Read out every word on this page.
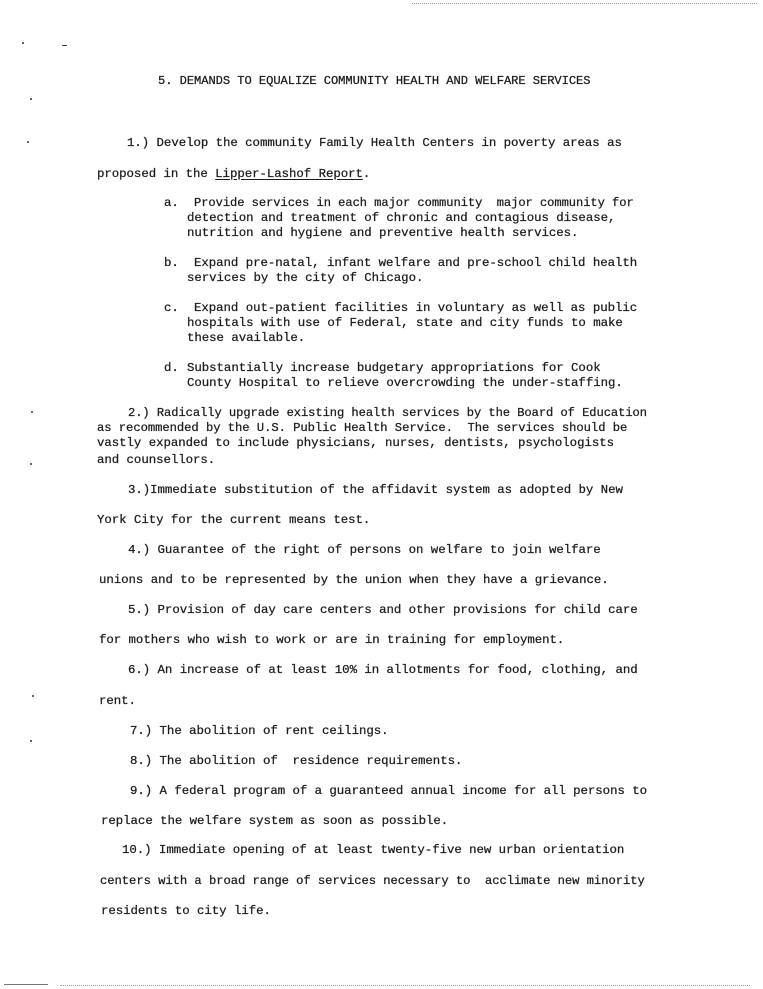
5. DEMANDS TO EQUALIZE COMMUNITY HEALTH AND WELFARE SERVICES
1.) Develop the community Family Health Centers in poverty areas as
proposed in the Lipper-Lashof Report.
a. Provide services in each major community  major community for
detection and treatment of chronic and contagious disease,
nutrition and hygiene and preventive health services.
b. Expand pre-natal, infant welfare and pre-school child health
services by the city of Chicago.
c. Expand out-patient facilities in voluntary as well as public
hospitals with use of Federal, state and city funds to make
these available.
d. Substantially increase budgetary appropriations for Cook
County Hospital to relieve overcrowding the under-staffing.
2.) Radically upgrade existing health services by the Board of Education
as recommended by the U.S. Public Health Service.  The services should be
vastly expanded to include physicians, nurses, dentists, psychologists
and counsellors.
3.)Immediate substitution of the affidavit system as adopted by New
York City for the current means test.
4.) Guarantee of the right of persons on welfare to join welfare
unions and to be represented by the union when they have a grievance.
5.) Provision of day care centers and other provisions for child care
for mothers who wish to work or are in training for employment.
6.) An increase of at least 10% in allotments for food, clothing, and
rent.
7.) The abolition of rent ceilings.
8.) The abolition of  residence requirements.
9.) A federal program of a guaranteed annual income for all persons to
replace the welfare system as soon as possible.
10.) Immediate opening of at least twenty-five new urban orientation
centers with a broad range of services necessary to  acclimate new minority
residents to city life.
